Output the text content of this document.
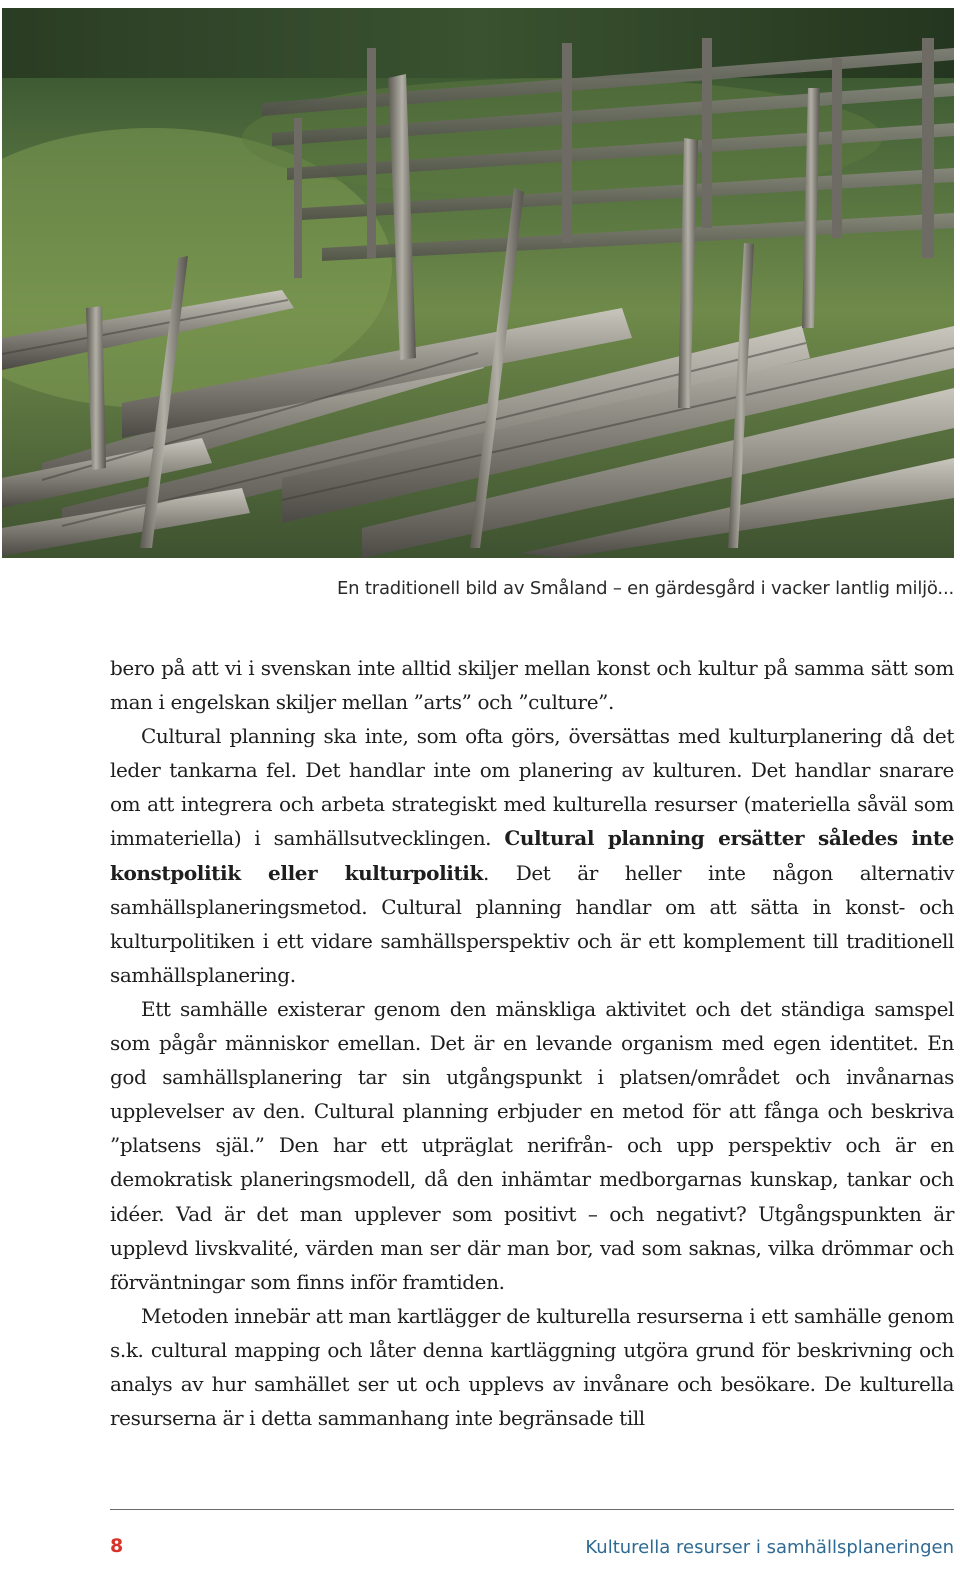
En traditionell bild av Småland – en gärdesgård i vacker lantlig miljö...

bero på att vi i svenskan inte alltid skiljer mellan konst och kultur på samma sätt som man i engelskan skiljer mellan ”arts” och ”culture”.

Cultural planning ska inte, som ofta görs, översättas med kulturplanering då det leder tankarna fel. Det handlar inte om planering av kulturen. Det handlar snarare om att integrera och arbeta strategiskt med kulturella resurser (materiella såväl som immateriella) i samhällsutvecklingen. Cultural planning ersätter således inte konstpolitik eller kulturpolitik. Det är heller inte någon alternativ samhällsplaneringsmetod. Cultural planning handlar om att sätta in konst- och kulturpolitiken i ett vidare samhällsperspektiv och är ett komplement till traditionell samhällsplanering.

Ett samhälle existerar genom den mänskliga aktivitet och det ständiga samspel som pågår människor emellan. Det är en levande organism med egen identitet. En god samhällsplanering tar sin utgångspunkt i platsen/området och invånarnas upplevelser av den. Cultural planning erbjuder en metod för att fånga och beskriva ”platsens själ.” Den har ett utpräglat nerifrån- och upp perspektiv och är en demokratisk planeringsmodell, då den inhämtar medborgarnas kunskap, tankar och idéer. Vad är det man upplever som positivt – och negativt? Utgångspunkten är upplevd livskvalité, värden man ser där man bor, vad som saknas, vilka drömmar och förväntningar som finns inför framtiden.

Metoden innebär att man kartlägger de kulturella resurserna i ett samhälle genom s.k. cultural mapping och låter denna kartläggning utgöra grund för beskrivning och analys av hur samhället ser ut och upplevs av invånare och besökare. De kulturella resurserna är i detta sammanhang inte begränsade till

8	Kulturella resurser i samhällsplaneringen
